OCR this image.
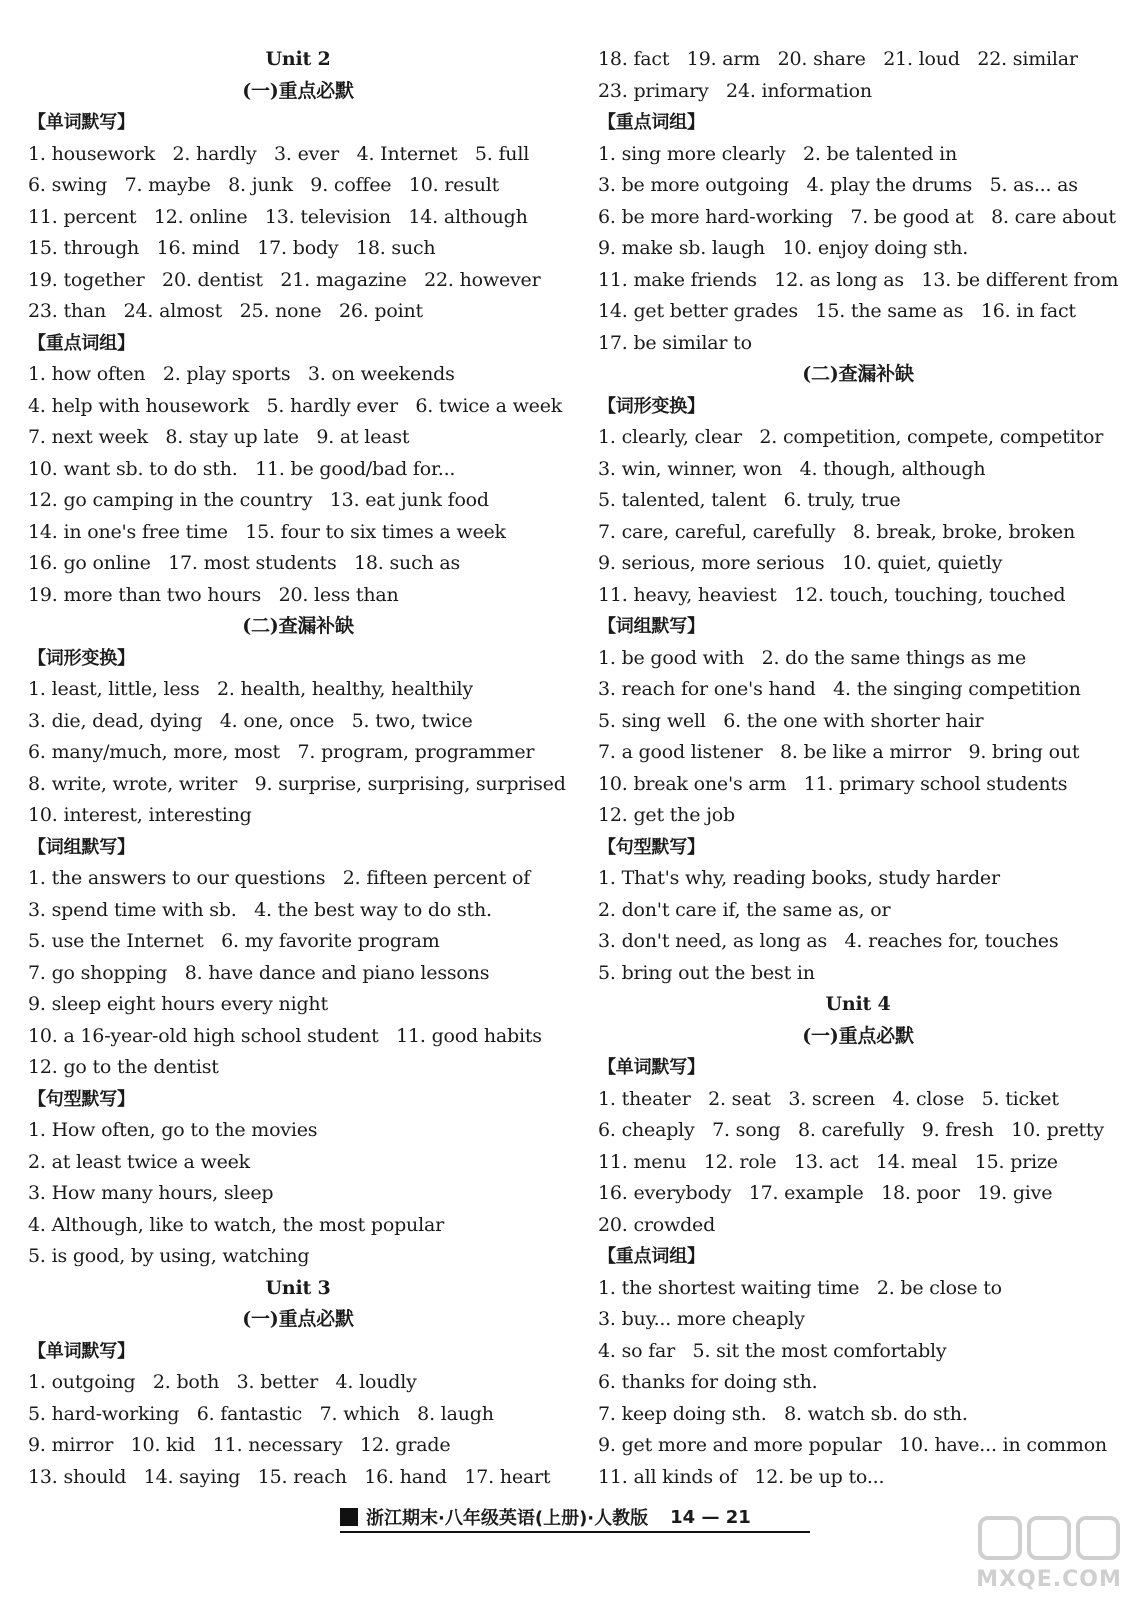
Unit 2
(一)重点必默
【单词默写】
1. housework   2. hardly   3. ever   4. Internet   5. full
6. swing   7. maybe   8. junk   9. coffee   10. result
11. percent   12. online   13. television   14. although
15. through   16. mind   17. body   18. such
19. together   20. dentist   21. magazine   22. however
23. than   24. almost   25. none   26. point
【重点词组】
1. how often   2. play sports   3. on weekends
4. help with housework   5. hardly ever   6. twice a week
7. next week   8. stay up late   9. at least
10. want sb. to do sth.   11. be good/bad for...
12. go camping in the country   13. eat junk food
14. in one's free time   15. four to six times a week
16. go online   17. most students   18. such as
19. more than two hours   20. less than
(二)查漏补缺
【词形变换】
1. least, little, less   2. health, healthy, healthily
3. die, dead, dying   4. one, once   5. two, twice
6. many/much, more, most   7. program, programmer
8. write, wrote, writer   9. surprise, surprising, surprised
10. interest, interesting
【词组默写】
1. the answers to our questions   2. fifteen percent of
3. spend time with sb.   4. the best way to do sth.
5. use the Internet   6. my favorite program
7. go shopping   8. have dance and piano lessons
9. sleep eight hours every night
10. a 16-year-old high school student   11. good habits
12. go to the dentist
【句型默写】
1. How often, go to the movies
2. at least twice a week
3. How many hours, sleep
4. Although, like to watch, the most popular
5. is good, by using, watching
Unit 3
(一)重点必默
【单词默写】
1. outgoing   2. both   3. better   4. loudly
5. hard-working   6. fantastic   7. which   8. laugh
9. mirror   10. kid   11. necessary   12. grade
13. should   14. saying   15. reach   16. hand   17. heart
18. fact   19. arm   20. share   21. loud   22. similar
23. primary   24. information
【重点词组】
1. sing more clearly   2. be talented in
3. be more outgoing   4. play the drums   5. as... as
6. be more hard-working   7. be good at   8. care about
9. make sb. laugh   10. enjoy doing sth.
11. make friends   12. as long as   13. be different from
14. get better grades   15. the same as   16. in fact
17. be similar to
(二)查漏补缺
【词形变换】
1. clearly, clear   2. competition, compete, competitor
3. win, winner, won   4. though, although
5. talented, talent   6. truly, true
7. care, careful, carefully   8. break, broke, broken
9. serious, more serious   10. quiet, quietly
11. heavy, heaviest   12. touch, touching, touched
【词组默写】
1. be good with   2. do the same things as me
3. reach for one's hand   4. the singing competition
5. sing well   6. the one with shorter hair
7. a good listener   8. be like a mirror   9. bring out
10. break one's arm   11. primary school students
12. get the job
【句型默写】
1. That's why, reading books, study harder
2. don't care if, the same as, or
3. don't need, as long as   4. reaches for, touches
5. bring out the best in
Unit 4
(一)重点必默
【单词默写】
1. theater   2. seat   3. screen   4. close   5. ticket
6. cheaply   7. song   8. carefully   9. fresh   10. pretty
11. menu   12. role   13. act   14. meal   15. prize
16. everybody   17. example   18. poor   19. give
20. crowded
【重点词组】
1. the shortest waiting time   2. be close to
3. buy... more cheaply
4. so far   5. sit the most comfortably
6. thanks for doing sth.
7. keep doing sth.   8. watch sb. do sth.
9. get more and more popular   10. have... in common
11. all kinds of   12. be up to...
浙江期末·八年级英语(上册)·人教版 14 — 21
MXQE.COM
